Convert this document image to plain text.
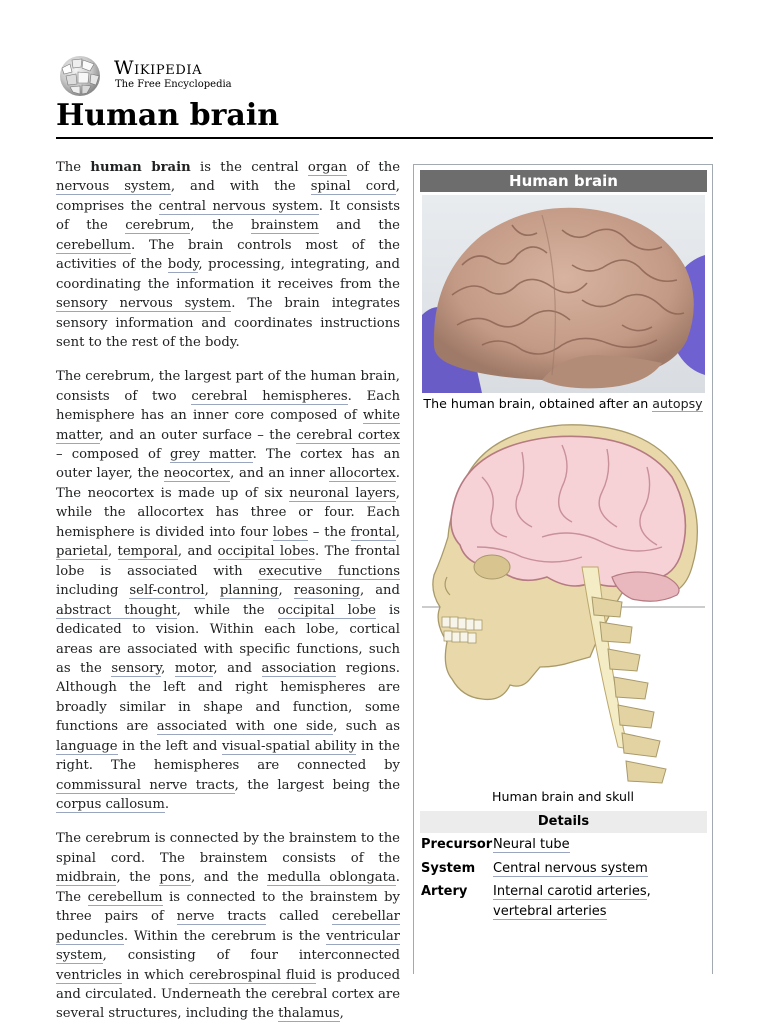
Wikipedia
The Free Encyclopedia
Human brain

The human brain is the central organ of the nervous system, and with the spinal cord, comprises the central nervous system. It consists of the cerebrum, the brainstem and the cerebellum. The brain controls most of the activities of the body, processing, integrating, and coordinating the information it receives from the sensory nervous system. The brain integrates sensory information and coordinates instructions sent to the rest of the body.

The cerebrum, the largest part of the human brain, consists of two cerebral hemispheres. Each hemisphere has an inner core composed of white matter, and an outer surface – the cerebral cortex – composed of grey matter. The cortex has an outer layer, the neocortex, and an inner allocortex. The neocortex is made up of six neuronal layers, while the allocortex has three or four. Each hemisphere is divided into four lobes – the frontal, parietal, temporal, and occipital lobes. The frontal lobe is associated with executive functions including self-control, planning, reasoning, and abstract thought, while the occipital lobe is dedicated to vision. Within each lobe, cortical areas are associated with specific functions, such as the sensory, motor, and association regions. Although the left and right hemispheres are broadly similar in shape and function, some functions are associated with one side, such as language in the left and visual-spatial ability in the right. The hemispheres are connected by commissural nerve tracts, the largest being the corpus callosum.

The cerebrum is connected by the brainstem to the spinal cord. The brainstem consists of the midbrain, the pons, and the medulla oblongata. The cerebellum is connected to the brainstem by three pairs of nerve tracts called cerebellar peduncles. Within the cerebrum is the ventricular system, consisting of four interconnected ventricles in which cerebrospinal fluid is produced and circulated. Underneath the cerebral cortex are several structures, including the thalamus,

Human brain
The human brain, obtained after an autopsy
Human brain and skull
Details
Precursor Neural tube
System Central nervous system
Artery Internal carotid arteries, vertebral arteries
